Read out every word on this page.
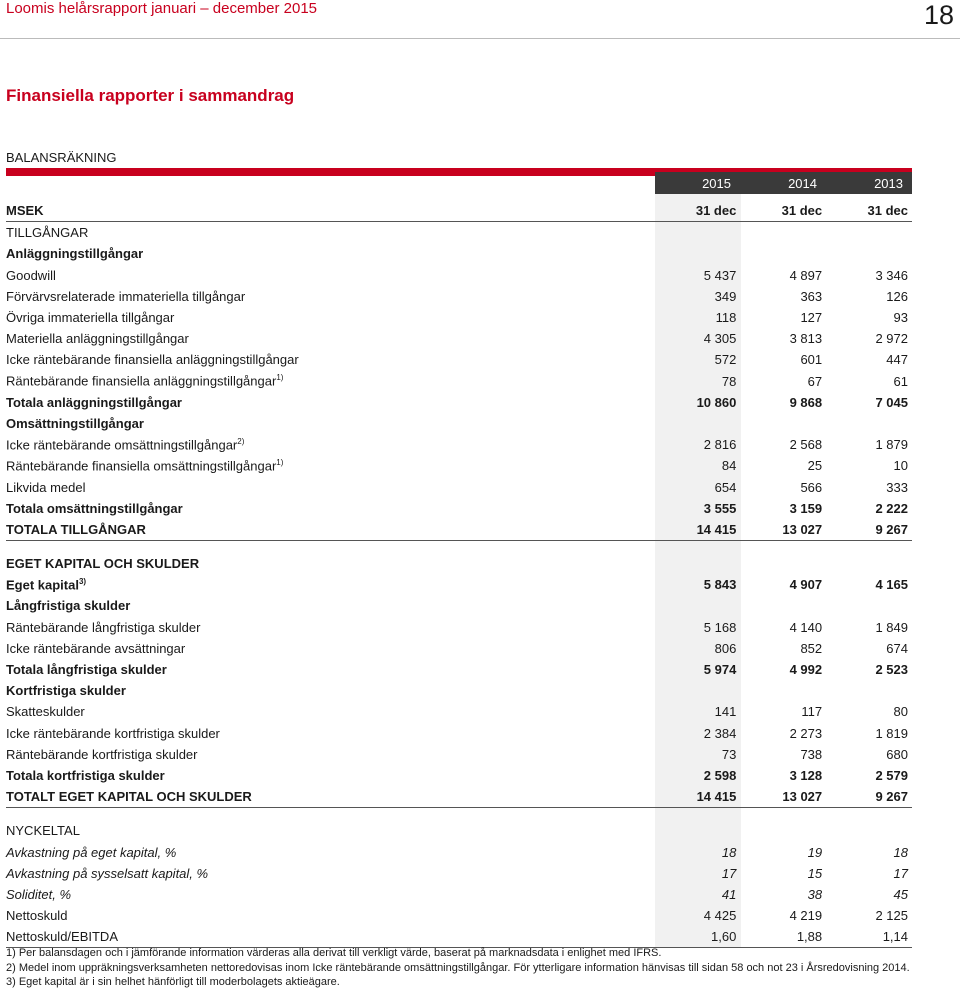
Loomis helårsrapport januari – december 2015	18
Finansiella rapporter i sammandrag
BALANSRÄKNING
2015	2014	2013
MSEK	31 dec	31 dec	31 dec
TILLGÅNGAR			
Anläggningstillgångar			
Goodwill	5 437	4 897	3 346
Förvärvsrelaterade immateriella tillgångar	349	363	126
Övriga immateriella tillgångar	118	127	93
Materiella anläggningstillgångar	4 305	3 813	2 972
Icke räntebärande finansiella anläggningstillgångar	572	601	447
Räntebärande finansiella anläggningstillgångar$^{1)}$	78	67	61
Totala anläggningstillgångar	10 860	9 868	7 045
Omsättningstillgångar			
Icke räntebärande omsättningstillgångar$^{2)}$	2 816	2 568	1 879
Räntebärande finansiella omsättningstillgångar$^{1)}$	84	25	10
Likvida medel	654	566	333
Totala omsättningstillgångar	3 555	3 159	2 222
TOTALA TILLGÅNGAR	14 415	13 027	9 267

EGET KAPITAL OCH SKULDER			
Eget kapital$^{3)}$	5 843	4 907	4 165
Långfristiga skulder			
Räntebärande långfristiga skulder	5 168	4 140	1 849
Icke räntebärande avsättningar	806	852	674
Totala långfristiga skulder	5 974	4 992	2 523
Kortfristiga skulder			
Skatteskulder	141	117	80
Icke räntebärande kortfristiga skulder	2 384	2 273	1 819
Räntebärande kortfristiga skulder	73	738	680
Totala kortfristiga skulder	2 598	3 128	2 579
TOTALT EGET KAPITAL OCH SKULDER	14 415	13 027	9 267

NYCKELTAL			
Avkastning på eget kapital, %	18	19	18
Avkastning på sysselsatt kapital, %	17	15	17
Soliditet, %	41	38	45
Nettoskuld	4 425	4 219	2 125
Nettoskuld/EBITDA	1,60	1,88	1,14
1) Per balansdagen och i jämförande information värderas alla derivat till verkligt värde, baserat på marknadsdata i enlighet med IFRS.
2) Medel inom uppräkningsverksamheten nettoredovisas inom Icke räntebärande omsättningstillgångar. För ytterligare information hänvisas till sidan 58 och not 23 i Årsredovisning 2014.
3) Eget kapital är i sin helhet hänförligt till moderbolagets aktieägare.
